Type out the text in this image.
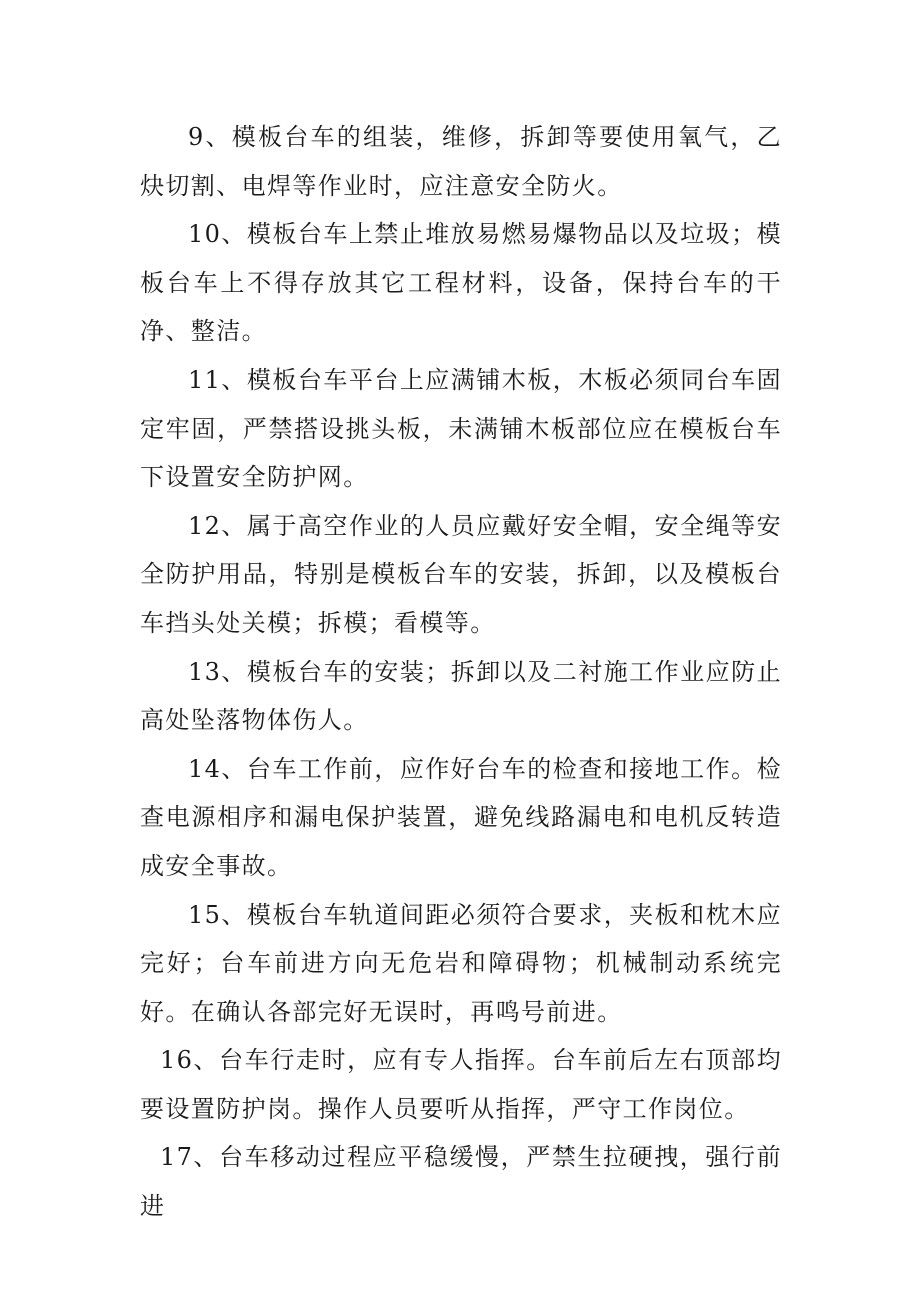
9、模板台车的组装，维修，拆卸等要使用氧气，乙炔切割、电焊等作业时，应注意安全防火。

10、模板台车上禁止堆放易燃易爆物品以及垃圾；模板台车上不得存放其它工程材料，设备，保持台车的干净、整洁。

11、模板台车平台上应满铺木板，木板必须同台车固定牢固，严禁搭设挑头板，未满铺木板部位应在模板台车下设置安全防护网。

12、属于高空作业的人员应戴好安全帽，安全绳等安全防护用品，特别是模板台车的安装，拆卸，以及模板台车挡头处关模；拆模；看模等。

13、模板台车的安装；拆卸以及二衬施工作业应防止高处坠落物体伤人。

14、台车工作前，应作好台车的检查和接地工作。检查电源相序和漏电保护装置，避免线路漏电和电机反转造成安全事故。

15、模板台车轨道间距必须符合要求，夹板和枕木应完好；台车前进方向无危岩和障碍物；机械制动系统完好。在确认各部完好无误时，再鸣号前进。

16、台车行走时，应有专人指挥。台车前后左右顶部均要设置防护岗。操作人员要听从指挥，严守工作岗位。

17、台车移动过程应平稳缓慢，严禁生拉硬拽，强行前进
